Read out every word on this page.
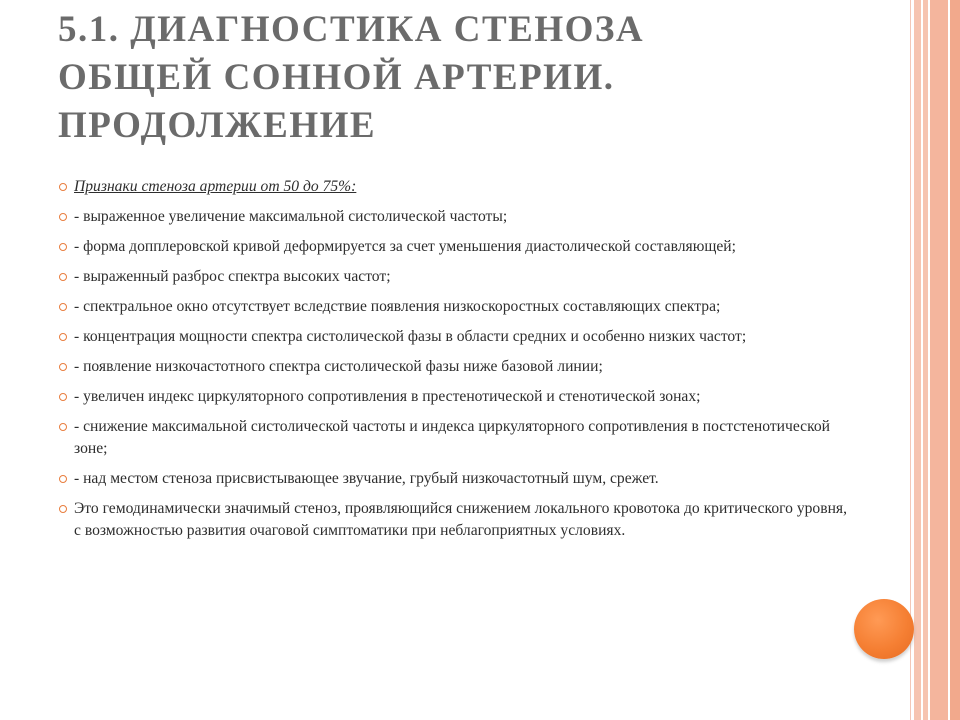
5.1. ДИАГНОСТИКА СТЕНОЗА
ОБЩЕЙ СОННОЙ АРТЕРИИ.
ПРОДОЛЖЕНИЕ
Признаки стеноза артерии от 50 до 75%:
- выраженное увеличение максимальной систолической частоты;
- форма допплеровской кривой деформируется за счет уменьшения диастолической составляющей;
- выраженный разброс спектра высоких частот;
- спектральное окно отсутствует вследствие появления низкоскоростных составляющих спектра;
- концентрация мощности спектра систолической фазы в области средних и особенно низких частот;
- появление низкочастотного спектра систолической фазы ниже базовой линии;
- увеличен индекс циркуляторного сопротивления в престенотической и стенотической зонах;
- снижение максимальной систолической частоты и индекса циркуляторного сопротивления в постстенотической зоне;
- над местом стеноза присвистывающее звучание, грубый низкочастотный шум, срежет.
Это гемодинамически значимый стеноз, проявляющийся снижением локального кровотока до критического уровня, с возможностью развития очаговой симптоматики при неблагоприятных условиях.
